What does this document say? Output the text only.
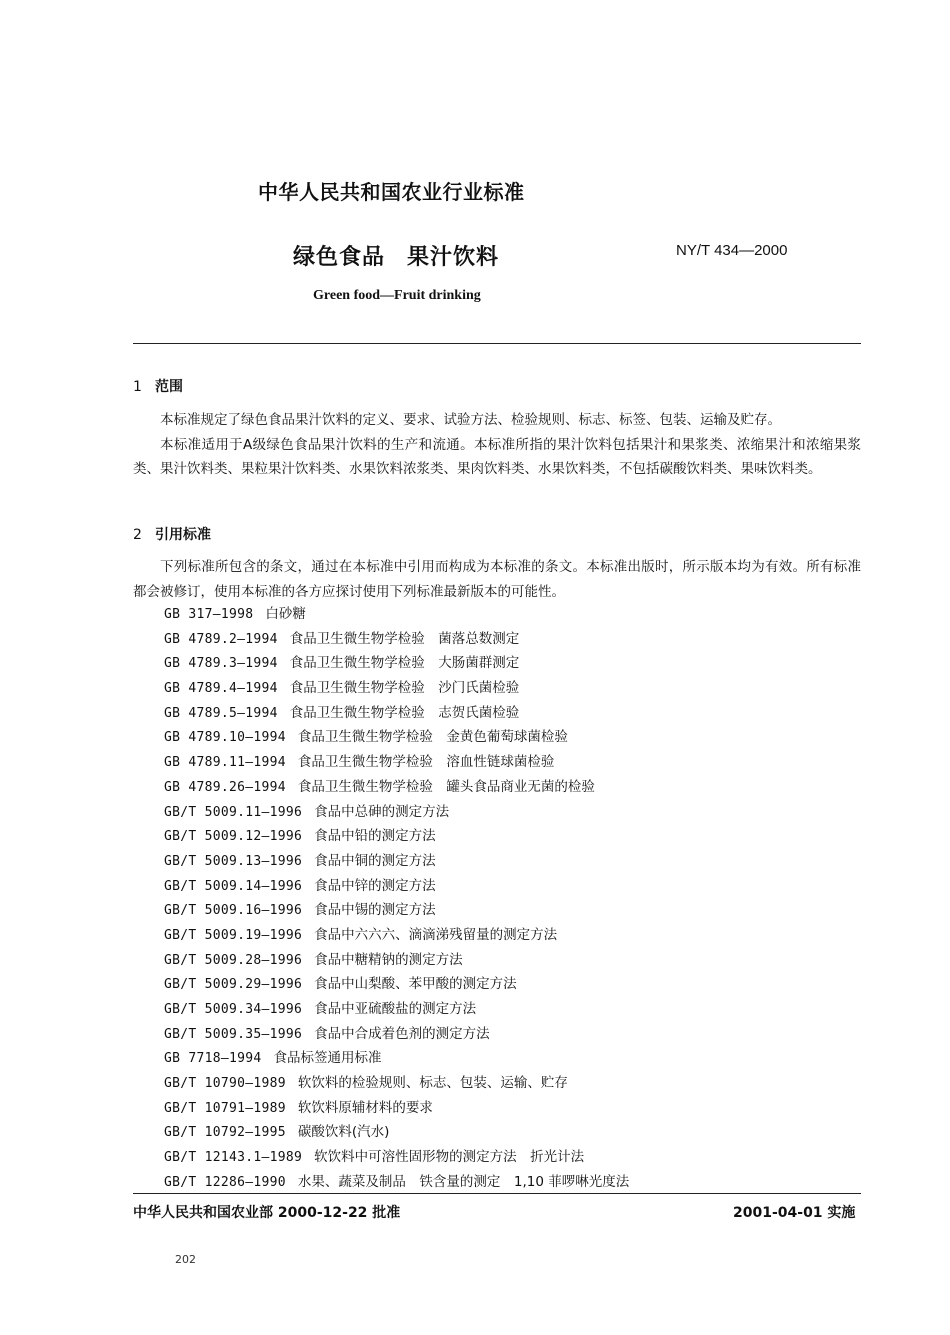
中华人民共和国农业行业标准
绿色食品 果汁饮料	NY/T 434—2000
Green food—Fruit drinking
1 范围

本标准规定了绿色食品果汁饮料的定义、要求、试验方法、检验规则、标志、标签、包装、运输及贮存。

本标准适用于A级绿色食品果汁饮料的生产和流通。本标准所指的果汁饮料包括果汁和果浆类、浓缩果汁和浓缩果浆类、果汁饮料类、果粒果汁饮料类、水果饮料浓浆类、果肉饮料类、水果饮料类，不包括碳酸饮料类、果味饮料类。

2 引用标准

下列标准所包含的条文，通过在本标准中引用而构成为本标准的条文。本标准出版时，所示版本均为有效。所有标准都会被修订，使用本标准的各方应探讨使用下列标准最新版本的可能性。

GB 317—1998 白砂糖
GB 4789.2—1994 食品卫生微生物学检验　菌落总数测定
GB 4789.3—1994 食品卫生微生物学检验　大肠菌群测定
GB 4789.4—1994 食品卫生微生物学检验　沙门氏菌检验
GB 4789.5—1994 食品卫生微生物学检验　志贺氏菌检验
GB 4789.10—1994 食品卫生微生物学检验　金黄色葡萄球菌检验
GB 4789.11—1994 食品卫生微生物学检验　溶血性链球菌检验
GB 4789.26—1994 食品卫生微生物学检验　罐头食品商业无菌的检验
GB/T 5009.11—1996 食品中总砷的测定方法
GB/T 5009.12—1996 食品中铅的测定方法
GB/T 5009.13—1996 食品中铜的测定方法
GB/T 5009.14—1996 食品中锌的测定方法
GB/T 5009.16—1996 食品中锡的测定方法
GB/T 5009.19—1996 食品中六六六、滴滴涕残留量的测定方法
GB/T 5009.28—1996 食品中糖精钠的测定方法
GB/T 5009.29—1996 食品中山梨酸、苯甲酸的测定方法
GB/T 5009.34—1996 食品中亚硫酸盐的测定方法
GB/T 5009.35—1996 食品中合成着色剂的测定方法
GB 7718—1994 食品标签通用标准
GB/T 10790—1989 软饮料的检验规则、标志、包装、运输、贮存
GB/T 10791—1989 软饮料原辅材料的要求
GB/T 10792—1995 碳酸饮料(汽水)
GB/T 12143.1—1989 软饮料中可溶性固形物的测定方法　折光计法
GB/T 12286—1990 水果、蔬菜及制品　铁含量的测定　1,10 菲啰啉光度法
中华人民共和国农业部 2000-12-22 批准	2001-04-01 实施
202
